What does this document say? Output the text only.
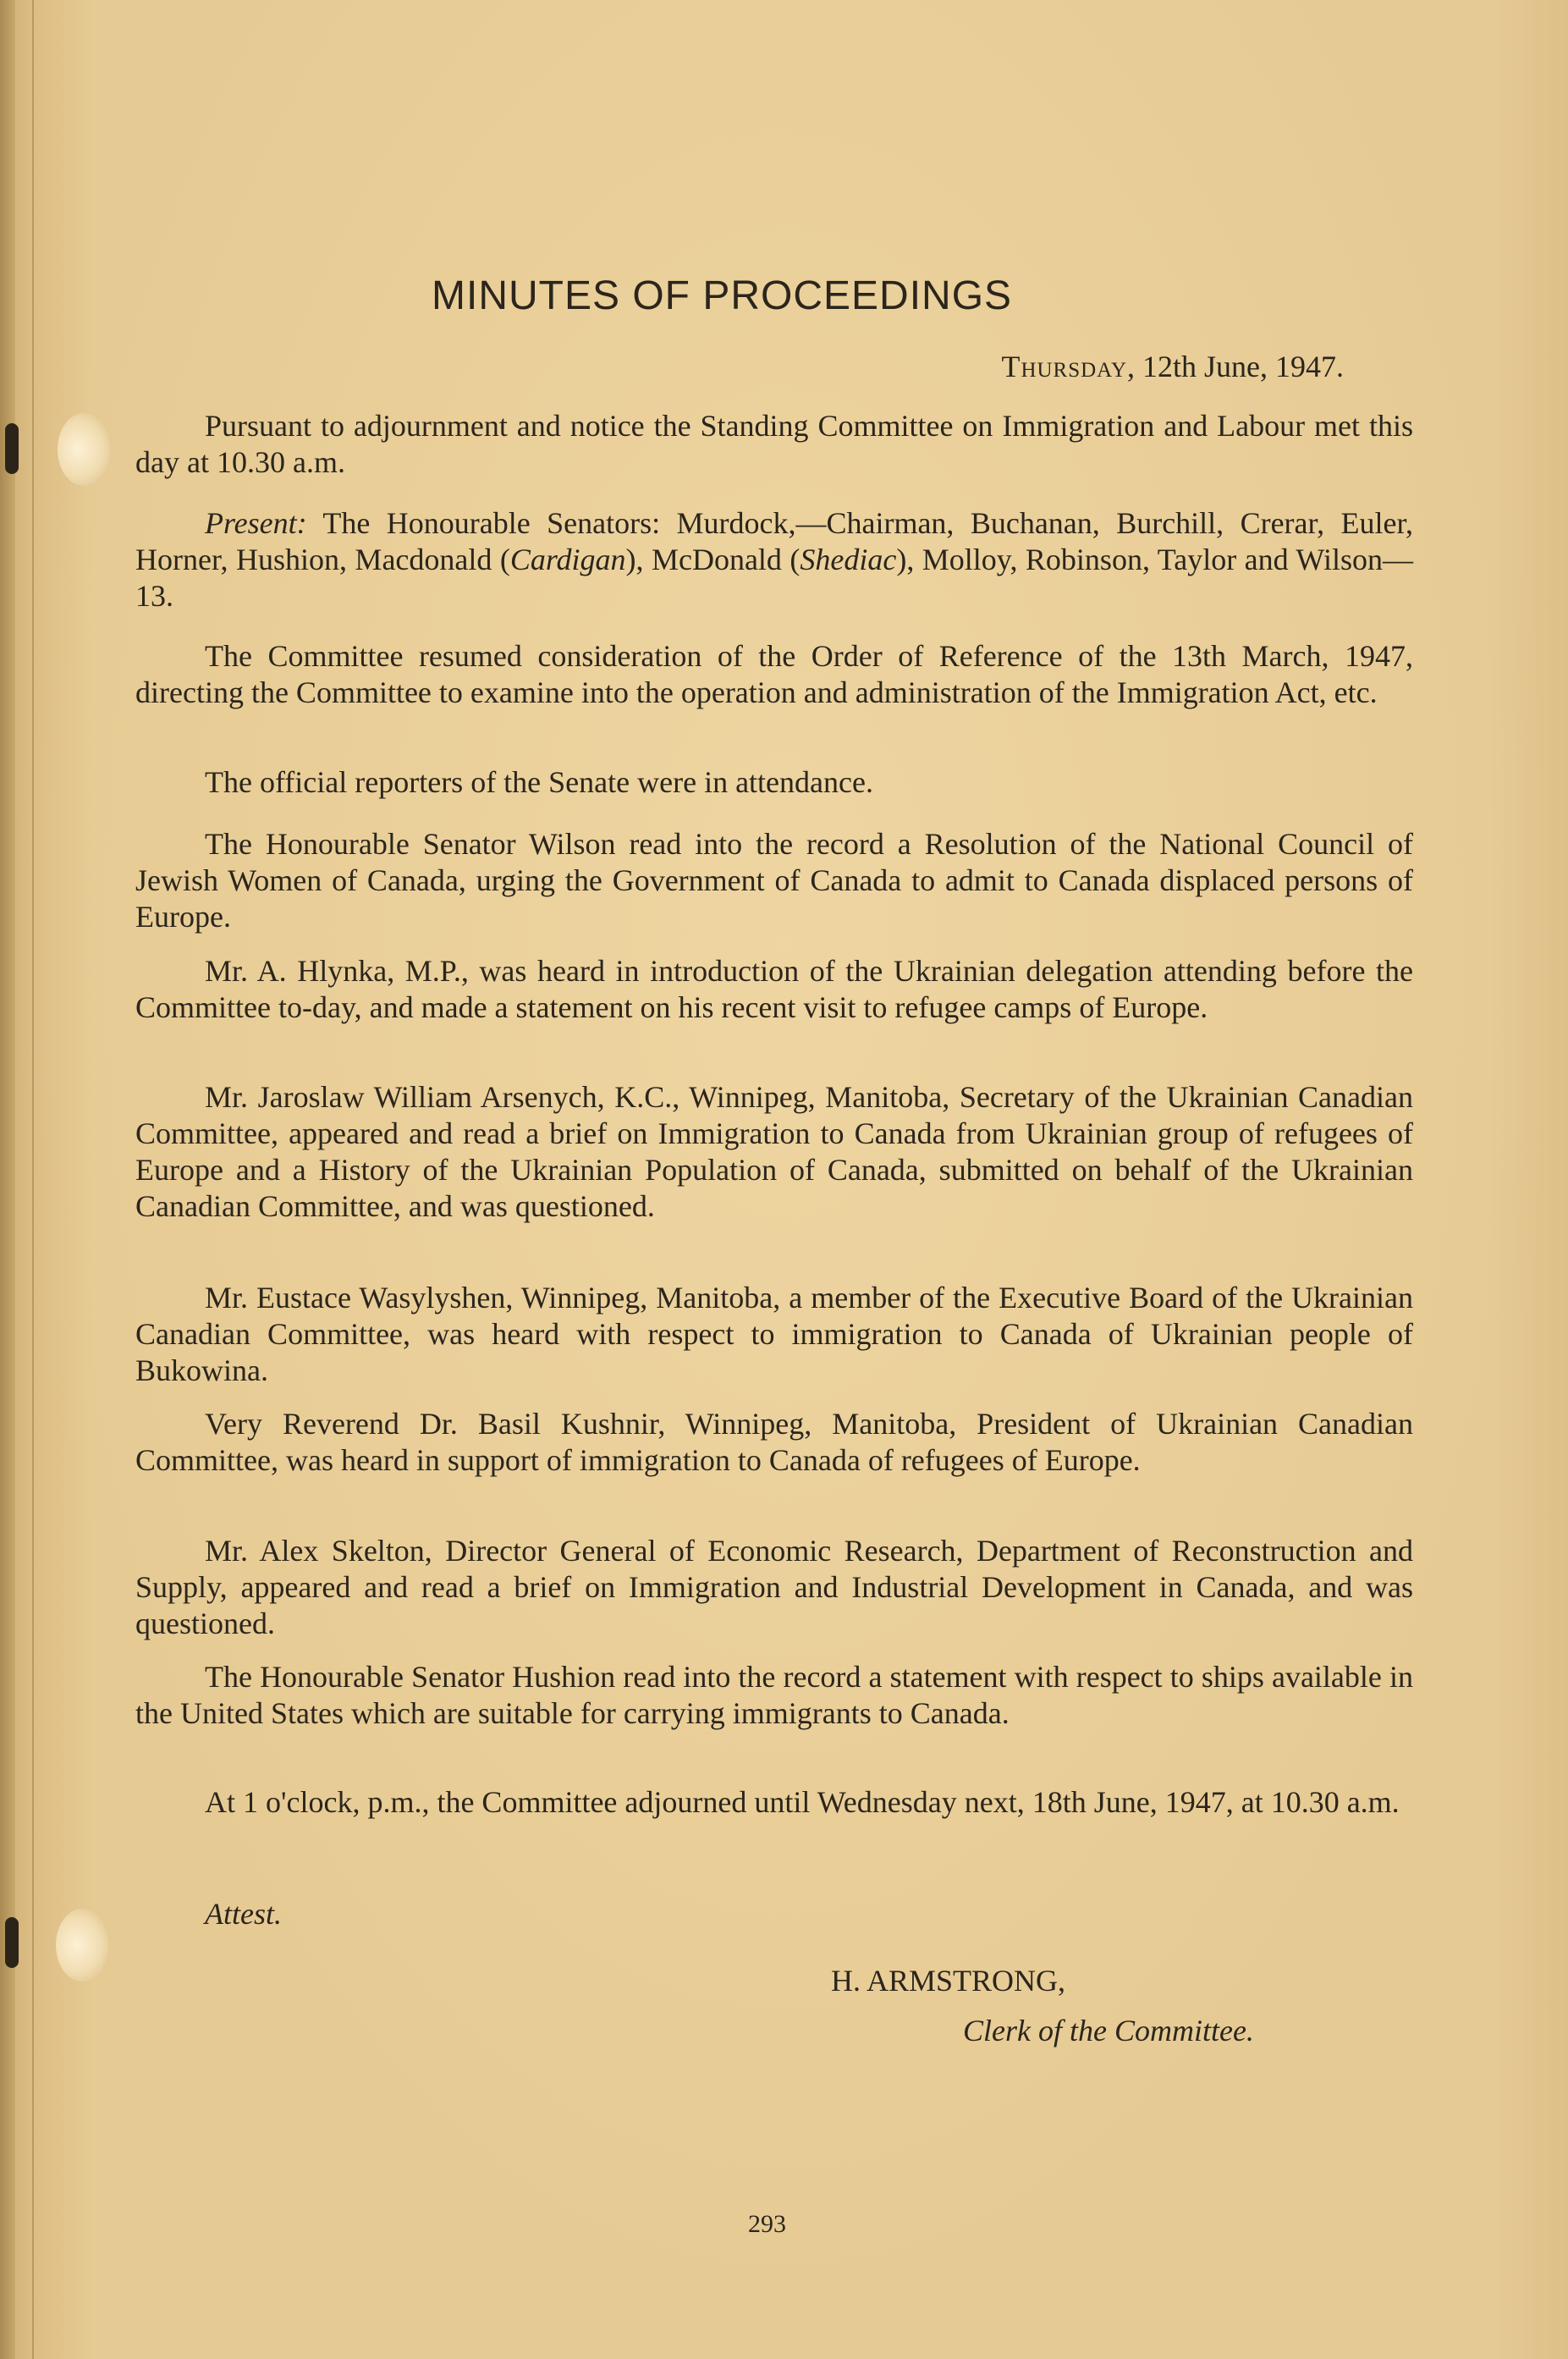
MINUTES OF PROCEEDINGS

Thursday, 12th June, 1947.

Pursuant to adjournment and notice the Standing Committee on Immigration and Labour met this day at 10.30 a.m.

Present: The Honourable Senators: Murdock,—Chairman, Buchanan, Burchill, Crerar, Euler, Horner, Hushion, Macdonald (Cardigan), McDonald (Shediac), Molloy, Robinson, Taylor and Wilson—13.

The Committee resumed consideration of the Order of Reference of the 13th March, 1947, directing the Committee to examine into the operation and administration of the Immigration Act, etc.

The official reporters of the Senate were in attendance.

The Honourable Senator Wilson read into the record a Resolution of the National Council of Jewish Women of Canada, urging the Government of Canada to admit to Canada displaced persons of Europe.

Mr. A. Hlynka, M.P., was heard in introduction of the Ukrainian delegation attending before the Committee to-day, and made a statement on his recent visit to refugee camps of Europe.

Mr. Jaroslaw William Arsenych, K.C., Winnipeg, Manitoba, Secretary of the Ukrainian Canadian Committee, appeared and read a brief on Immigration to Canada from Ukrainian group of refugees of Europe and a History of the Ukrainian Population of Canada, submitted on behalf of the Ukrainian Canadian Committee, and was questioned.

Mr. Eustace Wasylyshen, Winnipeg, Manitoba, a member of the Executive Board of the Ukrainian Canadian Committee, was heard with respect to immigration to Canada of Ukrainian people of Bukowina.

Very Reverend Dr. Basil Kushnir, Winnipeg, Manitoba, President of Ukrainian Canadian Committee, was heard in support of immigration to Canada of refugees of Europe.

Mr. Alex Skelton, Director General of Economic Research, Department of Reconstruction and Supply, appeared and read a brief on Immigration and Industrial Development in Canada, and was questioned.

The Honourable Senator Hushion read into the record a statement with respect to ships available in the United States which are suitable for carrying immigrants to Canada.

At 1 o'clock, p.m., the Committee adjourned until Wednesday next, 18th June, 1947, at 10.30 a.m.

Attest.

H. ARMSTRONG,

Clerk of the Committee.

293
